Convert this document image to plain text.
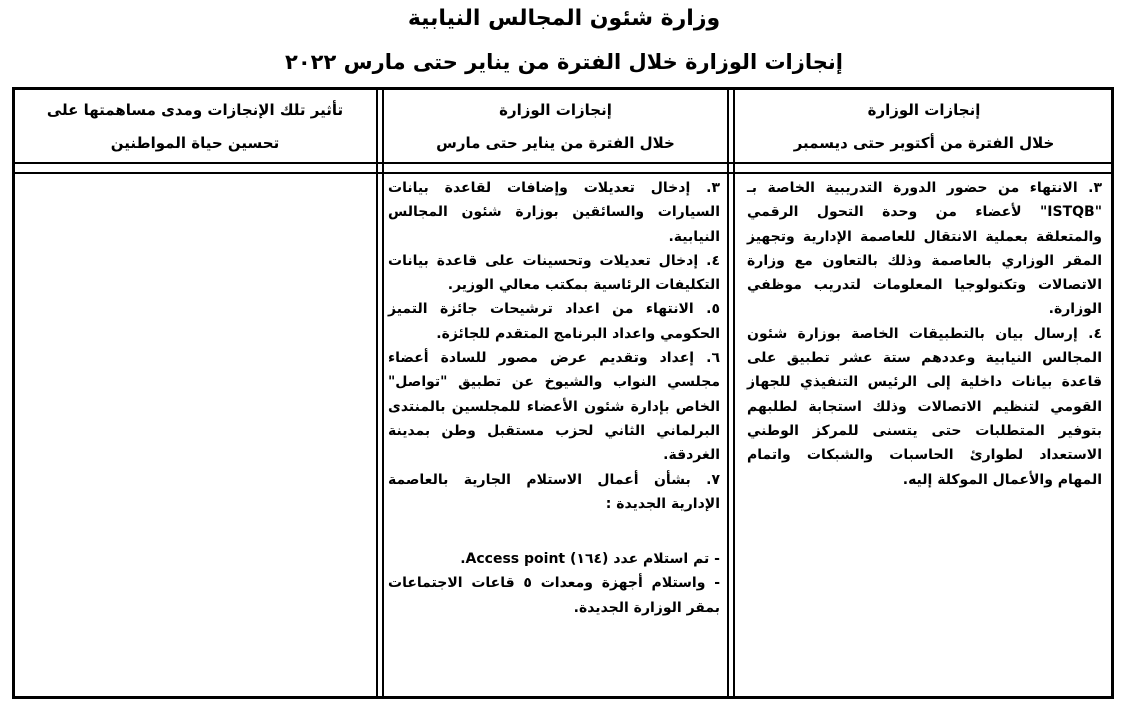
وزارة شئون المجالس النيابية
إنجازات الوزارة خلال الفترة من يناير حتى مارس ٢٠٢٢
إنجازات الوزارة
خلال الفترة من أكتوبر حتى ديسمبر
إنجازات الوزارة
خلال الفترة من يناير حتى مارس
تأثير تلك الإنجازات ومدى مساهمتها على
تحسين حياة المواطنين

٣. الانتهاء من حضور الدورة التدريبية الخاصة بـ "ISTQB" لأعضاء من وحدة التحول الرقمي والمتعلقة بعملية الانتقال للعاصمة الإدارية وتجهيز المقر الوزاري بالعاصمة وذلك بالتعاون مع وزارة الاتصالات وتكنولوجيا المعلومات لتدريب موظفي الوزارة.

٤. إرسال بيان بالتطبيقات الخاصة بوزارة شئون المجالس النيابية وعددهم ستة عشر تطبيق على قاعدة بيانات داخلية إلى الرئيس التنفيذي للجهاز القومي لتنظيم الاتصالات وذلك استجابة لطلبهم بتوفير المتطلبات حتى يتسنى للمركز الوطني الاستعداد لطوارئ الحاسبات والشبكات واتمام المهام والأعمال الموكلة إليه.

٣. إدخال تعديلات وإضافات لقاعدة بيانات السيارات والسائقين بوزارة شئون المجالس النيابية.

٤. إدخال تعديلات وتحسينات على قاعدة بيانات التكليفات الرئاسية بمكتب معالي الوزير.

٥. الانتهاء من اعداد ترشيحات جائزة التميز الحكومي واعداد البرنامج المتقدم للجائزة.

٦. إعداد وتقديم عرض مصور للسادة أعضاء مجلسي النواب والشيوخ عن تطبيق "تواصل" الخاص بإدارة شئون الأعضاء للمجلسين بالمنتدى البرلماني الثاني لحزب مستقبل وطن بمدينة الغردقة.

٧. بشأن أعمال الاستلام الجارية بالعاصمة الإدارية الجديدة :

- تم استلام عدد (١٦٤) Access point.

- واستلام أجهزة ومعدات ٥ قاعات الاجتماعات بمقر الوزارة الجديدة.
